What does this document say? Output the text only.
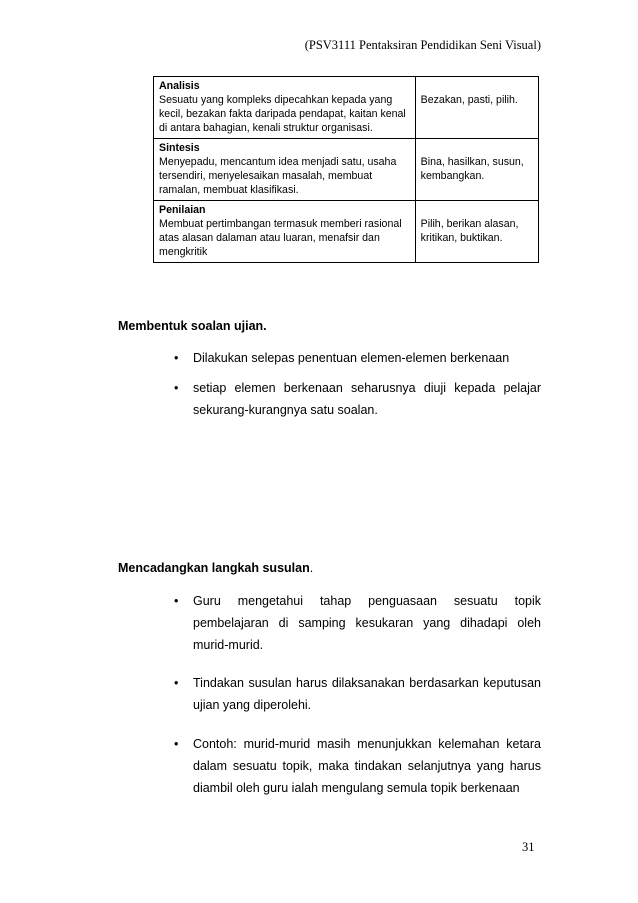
(PSV3111 Pentaksiran Pendidikan Seni Visual)
Analisis
Sesuatu yang kompleks dipecahkan kepada yang kecil, bezakan fakta daripada pendapat, kaitan kenal di antara bahagian, kenali struktur organisasi.	Bezakan, pasti, pilih.

Sintesis
Menyepadu, mencantum idea menjadi satu, usaha tersendiri, menyelesaikan masalah, membuat ramalan, membuat klasifikasi.	Bina, hasilkan, susun, kembangkan.

Penilaian
Membuat pertimbangan termasuk memberi rasional atas alasan dalaman atau luaran, menafsir dan mengkritik	Pilih, berikan alasan, kritikan, buktikan.
Membentuk soalan ujian.
• Dilakukan selepas penentuan elemen-elemen berkenaan
• setiap elemen berkenaan seharusnya diuji kepada pelajar sekurang-kurangnya satu soalan.
Mencadangkan langkah susulan.
• Guru mengetahui tahap penguasaan sesuatu topik pembelajaran di samping kesukaran yang dihadapi oleh murid-murid.
• Tindakan susulan harus dilaksanakan berdasarkan keputusan ujian yang diperolehi.
• Contoh: murid-murid masih menunjukkan kelemahan ketara dalam sesuatu topik, maka tindakan selanjutnya yang harus diambil oleh guru ialah mengulang semula topik berkenaan
31
